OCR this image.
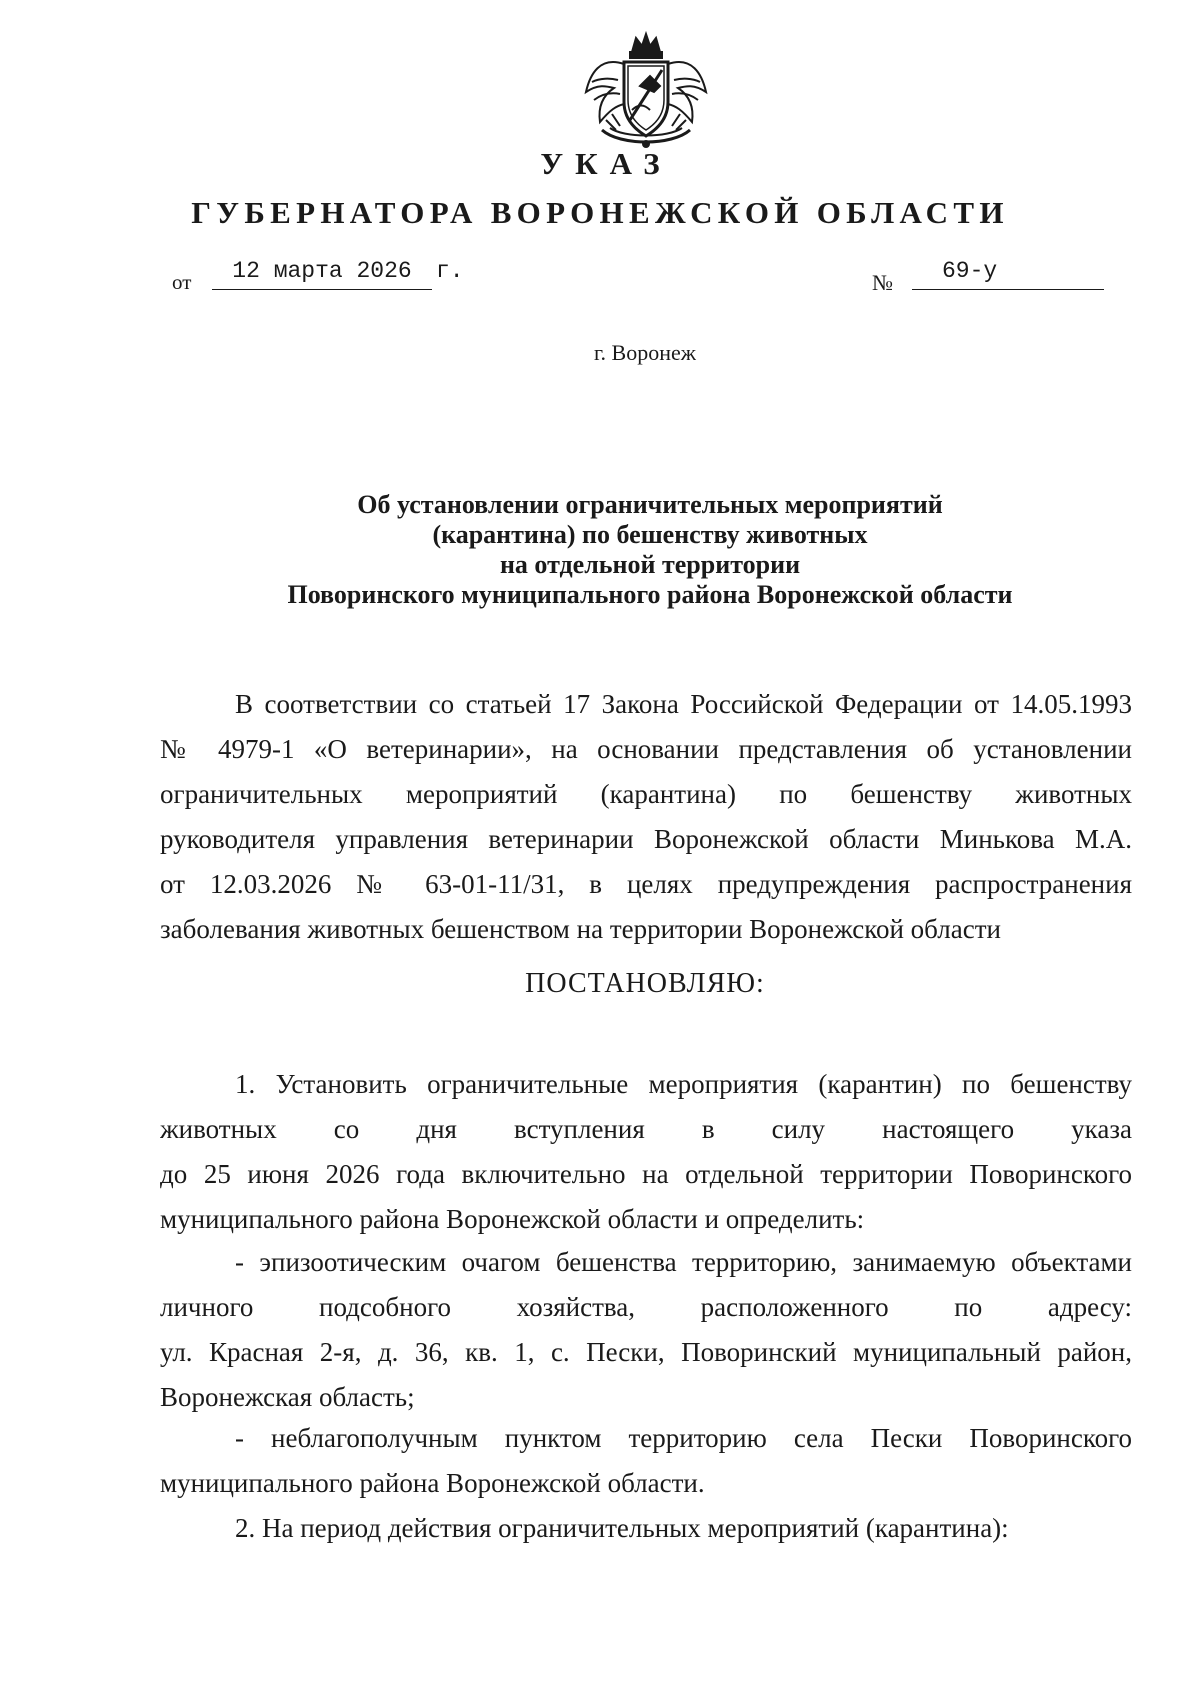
УКАЗ
ГУБЕРНАТОРА ВОРОНЕЖСКОЙ ОБЛАСТИ
от	12 марта 2026	г.	№	69-у
г. Воронеж
Об установлении ограничительных мероприятий
(карантина) по бешенству животных
на отдельной территории
Поворинского муниципального района Воронежской области

В соответствии со статьей 17 Закона Российской Федерации от 14.05.1993

№ 4979-1 «О ветеринарии», на основании представления об установлении

ограничительных мероприятий (карантина) по бешенству животных

руководителя управления ветеринарии Воронежской области Минькова М.А.

от 12.03.2026 № 63-01-11/31, в целях предупреждения распространения

заболевания животных бешенством на территории Воронежской области

ПОСТАНОВЛЯЮ:

1. Установить ограничительные мероприятия (карантин) по бешенству

животных со дня вступления в силу настоящего указа

до 25 июня 2026 года включительно на отдельной территории Поворинского

муниципального района Воронежской области и определить:

- эпизоотическим очагом бешенства территорию, занимаемую объектами

личного подсобного хозяйства, расположенного по адресу:

ул. Красная 2-я, д. 36, кв. 1, с. Пески, Поворинский муниципальный район,

Воронежская область;

- неблагополучным пунктом территорию села Пески Поворинского

муниципального района Воронежской области.

2. На период действия ограничительных мероприятий (карантина):
